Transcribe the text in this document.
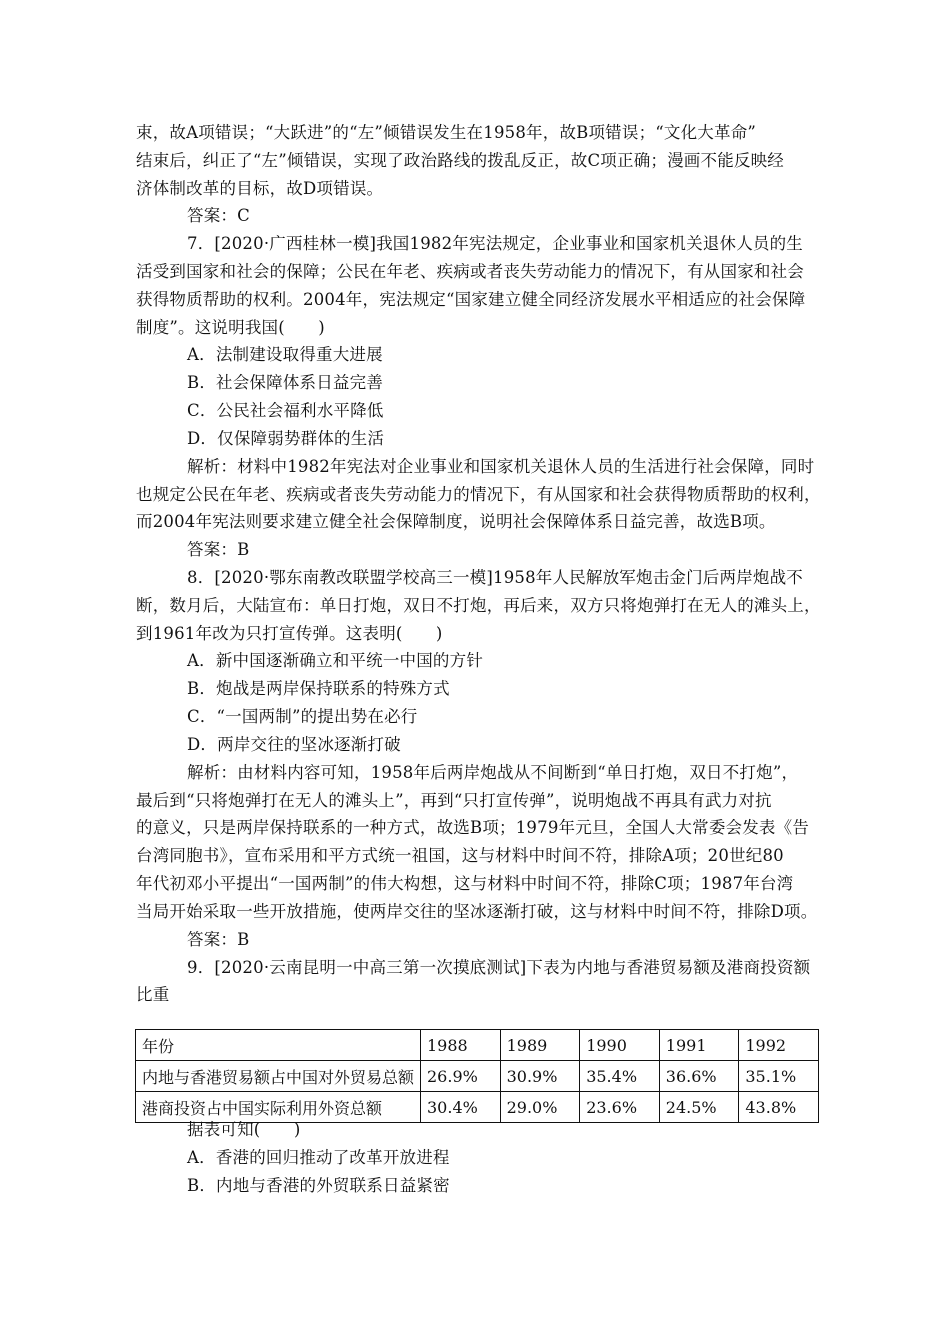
束，故A项错误；“大跃进”的“左”倾错误发生在1958年，故B项错误；“文化大革命”
结束后，纠正了“左”倾错误，实现了政治路线的拨乱反正，故C项正确；漫画不能反映经
济体制改革的目标，故D项错误。
答案：C
7．[2020·广西桂林一模]我国1982年宪法规定，企业事业和国家机关退休人员的生
活受到国家和社会的保障；公民在年老、疾病或者丧失劳动能力的情况下，有从国家和社会
获得物质帮助的权利。2004年，宪法规定“国家建立健全同经济发展水平相适应的社会保障
制度”。这说明我国(　　)
A．法制建设取得重大进展
B．社会保障体系日益完善
C．公民社会福利水平降低
D．仅保障弱势群体的生活
解析：材料中1982年宪法对企业事业和国家机关退休人员的生活进行社会保障，同时
也规定公民在年老、疾病或者丧失劳动能力的情况下，有从国家和社会获得物质帮助的权利，
而2004年宪法则要求建立健全社会保障制度，说明社会保障体系日益完善，故选B项。
答案：B
8．[2020·鄂东南教改联盟学校高三一模]1958年人民解放军炮击金门后两岸炮战不
断，数月后，大陆宣布：单日打炮，双日不打炮，再后来，双方只将炮弹打在无人的滩头上，
到1961年改为只打宣传弹。这表明(　　)
A．新中国逐渐确立和平统一中国的方针
B．炮战是两岸保持联系的特殊方式
C．“一国两制”的提出势在必行
D．两岸交往的坚冰逐渐打破
解析：由材料内容可知，1958年后两岸炮战从不间断到“单日打炮，双日不打炮”，
最后到“只将炮弹打在无人的滩头上”，再到“只打宣传弹”，说明炮战不再具有武力对抗
的意义，只是两岸保持联系的一种方式，故选B项；1979年元旦，全国人大常委会发表《告
台湾同胞书》，宣布采用和平方式统一祖国，这与材料中时间不符，排除A项；20世纪80
年代初邓小平提出“一国两制”的伟大构想，这与材料中时间不符，排除C项；1987年台湾
当局开始采取一些开放措施，使两岸交往的坚冰逐渐打破，这与材料中时间不符，排除D项。
答案：B
9．[2020·云南昆明一中高三第一次摸底测试]下表为内地与香港贸易额及港商投资额
比重
年份	1988	1989	1990	1991	1992
内地与香港贸易额占中国对外贸易总额	26.9%	30.9%	35.4%	36.6%	35.1%
港商投资占中国实际利用外资总额	30.4%	29.0%	23.6%	24.5%	43.8%
据表可知(　　)
A．香港的回归推动了改革开放进程
B．内地与香港的外贸联系日益紧密
